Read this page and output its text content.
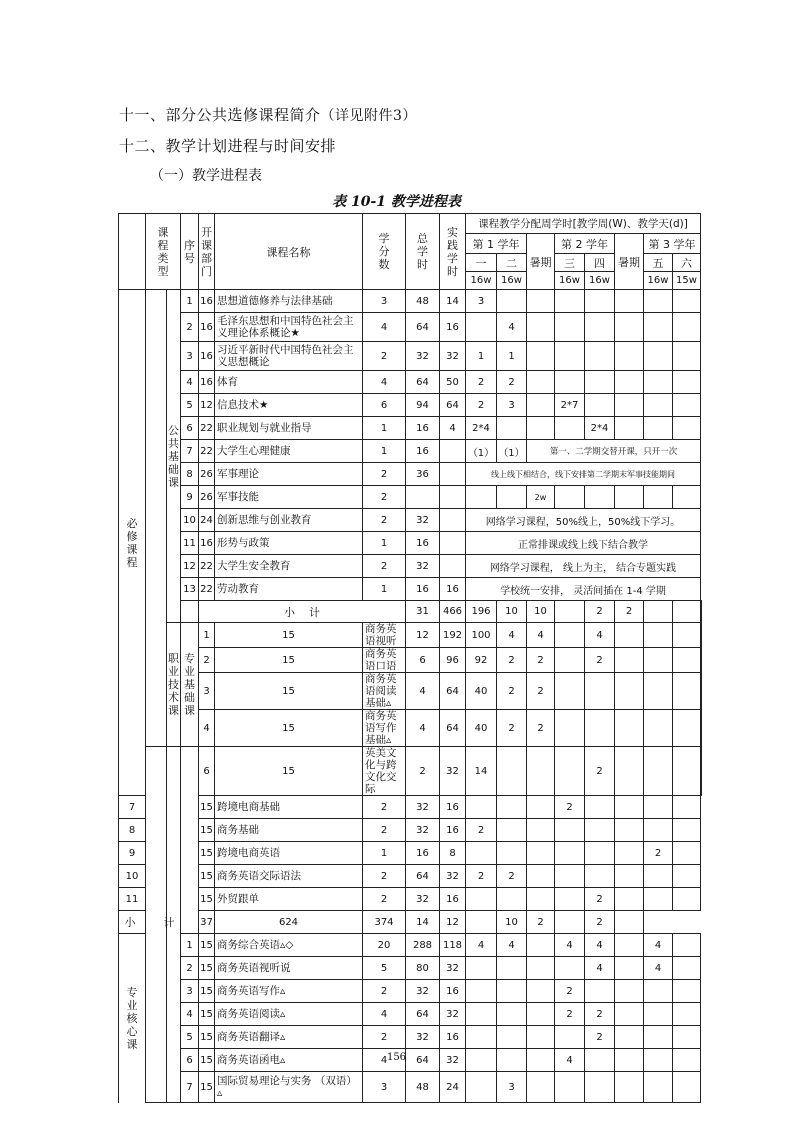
十一、部分公共选修课程简介（详见附件3）
十二、教学计划进程与时间安排
（一）教学进程表
表 10-1 教学进程表

	课程类型		序号	开课部门	课程名称	学分数	总学时	实践学时	课程教学分配周学时[教学周(W)、教学天(d)]								
									第 1 学年		暑期	第 2 学年		暑期	第 3 学年		
									一	二		三	四		五	六	
									16w	16w		16w	16w		16w	15w	

必修课程		公共基础课	1	16	思想道德修养与法律基础	3	48	14	3								
			2	16	毛泽东思想和中国特色社会主义理论体系概论★	4	64	16		4							
			3	16	习近平新时代中国特色社会主义思想概论	2	32	32	1	1							
			4	16	体育	4	64	50	2	2							
			5	12	信息技术★	6	94	64	2	3		2*7					
			6	22	职业规划与就业指导	1	16	4	2*4				2*4				
			7	22	大学生心理健康	1	16		（1）	（1）	第一、二学期交替开课，只开一次						
			8	26	军事理论	2	36		线上线下相结合，线下安排第二学期末军事技能期间								
			9	26	军事技能	2					2w						
			10	24	创新思维与创业教育	2	32		网络学习课程，50%线上，50%线下学习。								
			11	16	形势与政策	1	16		正常排课或线上线下结合教学								
			12	22	大学生安全教育	2	32		网络学习课程， 线上为主， 结合专题实践								
			13	22	劳动教育	1	16	16	学校统一安排， 灵活间插在 1-4 学期								
				小    计			31	466	196	10	10		2	2			

		职业技术课	专业基础课	1	15	商务英语视听	12	192	100	4	4		4				
				2	15	商务英语口语	6	96	92	2	2		2				
				3	15	商务英语阅读基础▵	4	64	40	2	2						
				4	15	商务英语写作基础▵	4	64	40	2	2						
				6	15	英美文化与跨文化交际	2	32	14				2				
7				15	跨境电商基础	2	32	16				2					
8				15	商务基础	2	32	16	2								
9				15	跨境电商英语	1	16	8							2		
10				15	商务英语交际语法	2	64	32	2	2							
11				15	外贸跟单	2	32	16					2				
小        计				37	624	374	14	12		10	2		2				

专业核心课			1	15	商务综合英语▵◇	20	288	118	4	4		4	4		4		
			2	15	商务英语视听说	5	80	32					4		4		
			3	15	商务英语写作▵	2	32	16				2					
			4	15	商务英语阅读▵	4	64	32				2	2				
			5	15	商务英语翻译▵	2	32	16					2				
			6	15	商务英语函电▵	4	64	32				4					
			7	15	国际贸易理论与实务 （双语） ▵	3	48	24		3							
156
